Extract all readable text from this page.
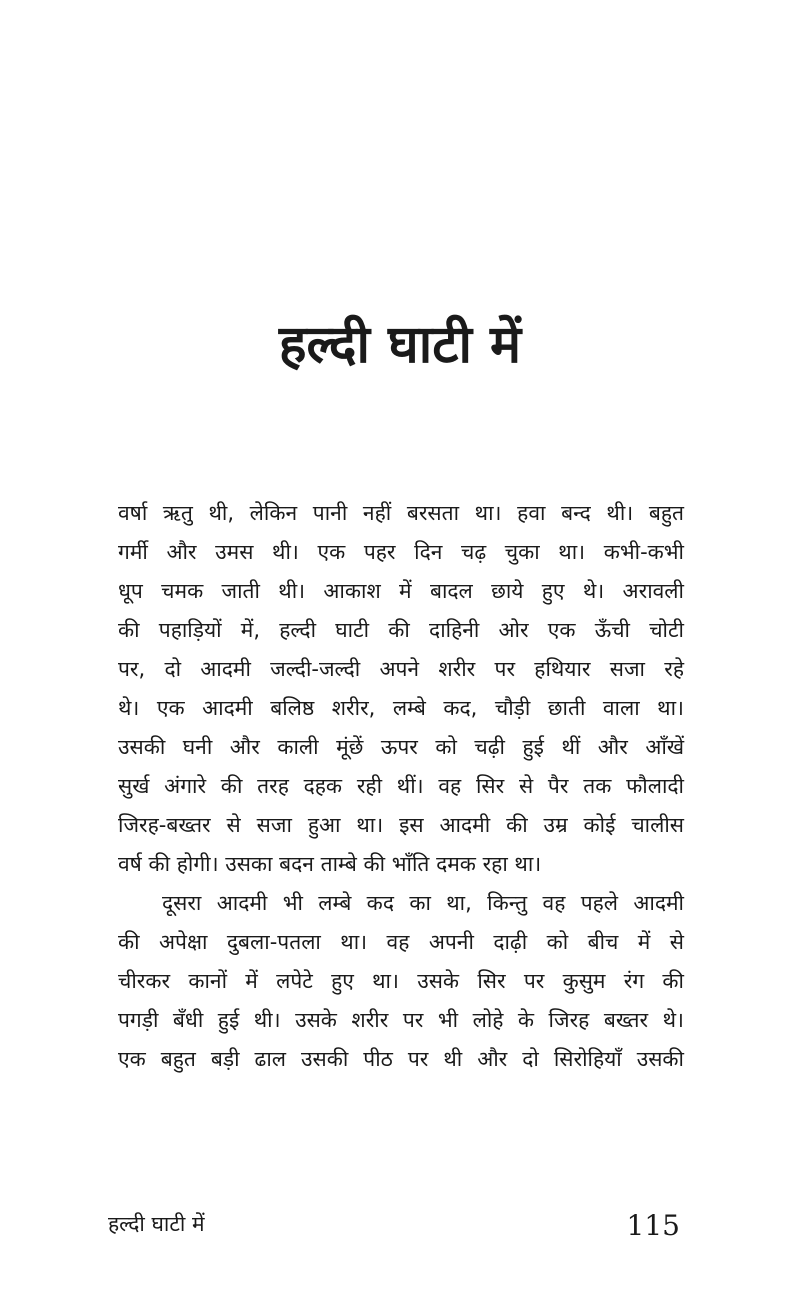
हल्दी घाटी में

वर्षा ऋतु थी, लेकिन पानी नहीं बरसता था। हवा बन्द थी। बहुत
गर्मी और उमस थी। एक पहर दिन चढ़ चुका था। कभी-कभी
धूप चमक जाती थी। आकाश में बादल छाये हुए थे। अरावली
की पहाड़ियों में, हल्दी घाटी की दाहिनी ओर एक ऊँची चोटी
पर, दो आदमी जल्दी-जल्दी अपने शरीर पर हथियार सजा रहे
थे। एक आदमी बलिष्ठ शरीर, लम्बे कद, चौड़ी छाती वाला था।
उसकी घनी और काली मूंछें ऊपर को चढ़ी हुई थीं और आँखें
सुर्ख अंगारे की तरह दहक रही थीं। वह सिर से पैर तक फौलादी
जिरह-बख्तर से सजा हुआ था। इस आदमी की उम्र कोई चालीस
वर्ष की होगी। उसका बदन ताम्बे की भाँति दमक रहा था।

दूसरा आदमी भी लम्बे कद का था, किन्तु वह पहले आदमी
की अपेक्षा दुबला-पतला था। वह अपनी दाढ़ी को बीच में से
चीरकर कानों में लपेटे हुए था। उसके सिर पर कुसुम रंग की
पगड़ी बँधी हुई थी। उसके शरीर पर भी लोहे के जिरह बख्तर थे।
एक बहुत बड़ी ढाल उसकी पीठ पर थी और दो सिरोहियाँ उसकी

हल्दी घाटी में	115
